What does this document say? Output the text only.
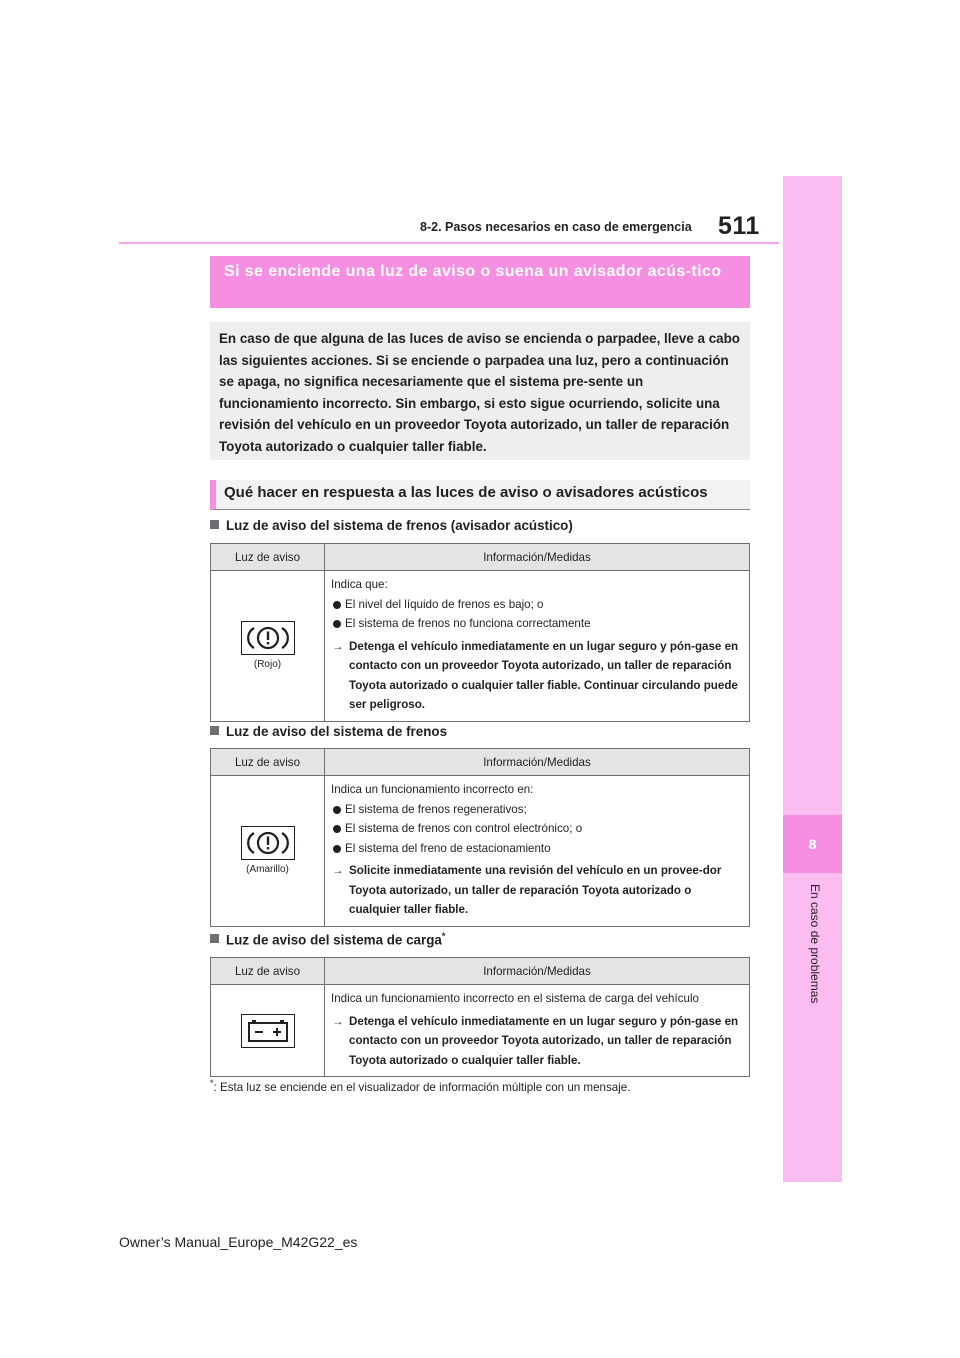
8
En caso de problemas
8-2. Pasos necesarios en caso de emergencia 511
Si se enciende una luz de aviso o suena un avisador acús-tico
En caso de que alguna de las luces de aviso se encienda o parpadee, lleve a cabo las siguientes acciones. Si se enciende o parpadea una luz, pero a continuación se apaga, no significa necesariamente que el sistema pre-sente un funcionamiento incorrecto. Sin embargo, si esto sigue ocurriendo, solicite una revisión del vehículo en un proveedor Toyota autorizado, un taller de reparación Toyota autorizado o cualquier taller fiable.
Qué hacer en respuesta a las luces de aviso o avisadores acústicos
Luz de aviso del sistema de frenos (avisador acústico)
Luz de aviso	Información/Medidas

(Rojo)	Indica que:
El nivel del líquido de frenos es bajo; o
El sistema de frenos no funciona correctamente
→ Detenga el vehículo inmediatamente en un lugar seguro y pón-gase en contacto con un proveedor Toyota autorizado, un taller de reparación Toyota autorizado o cualquier taller fiable. Continuar circulando puede ser peligroso.
Luz de aviso del sistema de frenos
Luz de aviso	Información/Medidas

(Amarillo)	Indica un funcionamiento incorrecto en:
El sistema de frenos regenerativos;
El sistema de frenos con control electrónico; o
El sistema del freno de estacionamiento
→ Solicite inmediatamente una revisión del vehículo en un provee-dor Toyota autorizado, un taller de reparación Toyota autorizado o cualquier taller fiable.
Luz de aviso del sistema de carga*
Luz de aviso	Información/Medidas

Indica un funcionamiento incorrecto en el sistema de carga del vehículo
→ Detenga el vehículo inmediatamente en un lugar seguro y pón-gase en contacto con un proveedor Toyota autorizado, un taller de reparación Toyota autorizado o cualquier taller fiable.
*: Esta luz se enciende en el visualizador de información múltiple con un mensaje.
Owner’s Manual_Europe_M42G22_es
